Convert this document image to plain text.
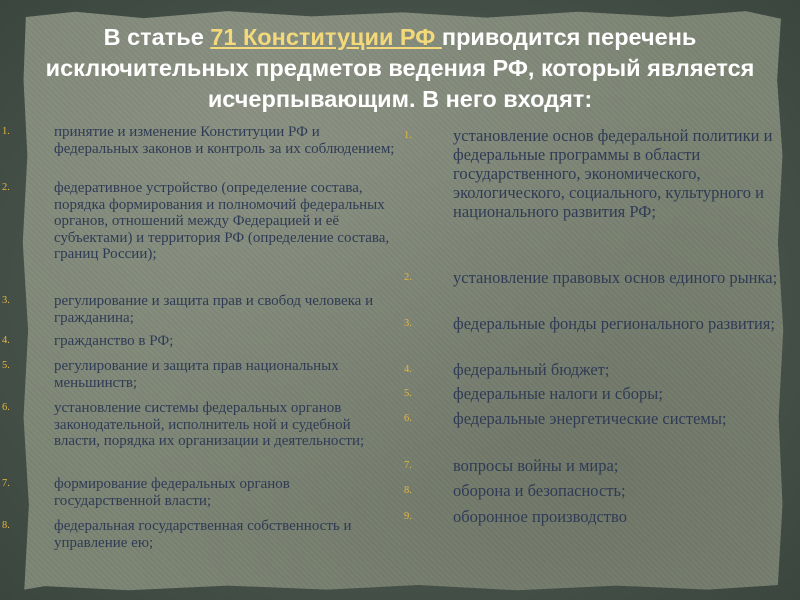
В статье 71 Конституции РФ приводится перечень исключительных предметов ведения РФ, который является исчерпывающим. В него входят:
1.	принятие и изменение Конституции РФ и федеральных законов и контроль за их соблюдением;
2.	федеративное устройство (определение состава, порядка формирования и полномочий федеральных органов, отношений между Федерацией и её субъектами) и территория РФ (определение состава, границ России);
3.	регулирование и защита прав и свобод человека и гражданина;
4.	гражданство в РФ;
5.	регулирование и защита прав национальных меньшинств;
6.	установление системы федеральных органов законодательной, исполнитель ной и судебной власти, порядка их организации и деятельности;
7.	формирование федеральных органов государственной власти;
8.	федеральная государственная собственность и управление ею;
1. установление основ федеральной политики и федеральные программы в области государственного, экономического, экологического, социального, культурного и национального развития РФ;
2. установление правовых основ единого рынка;
3. федеральные фонды регионального развития;
4. федеральный бюджет;
5. федеральные налоги и сборы;
6. федеральные энергетические системы;
7. вопросы войны и мира;
8. оборона и безопасность;
9. оборонное производство
